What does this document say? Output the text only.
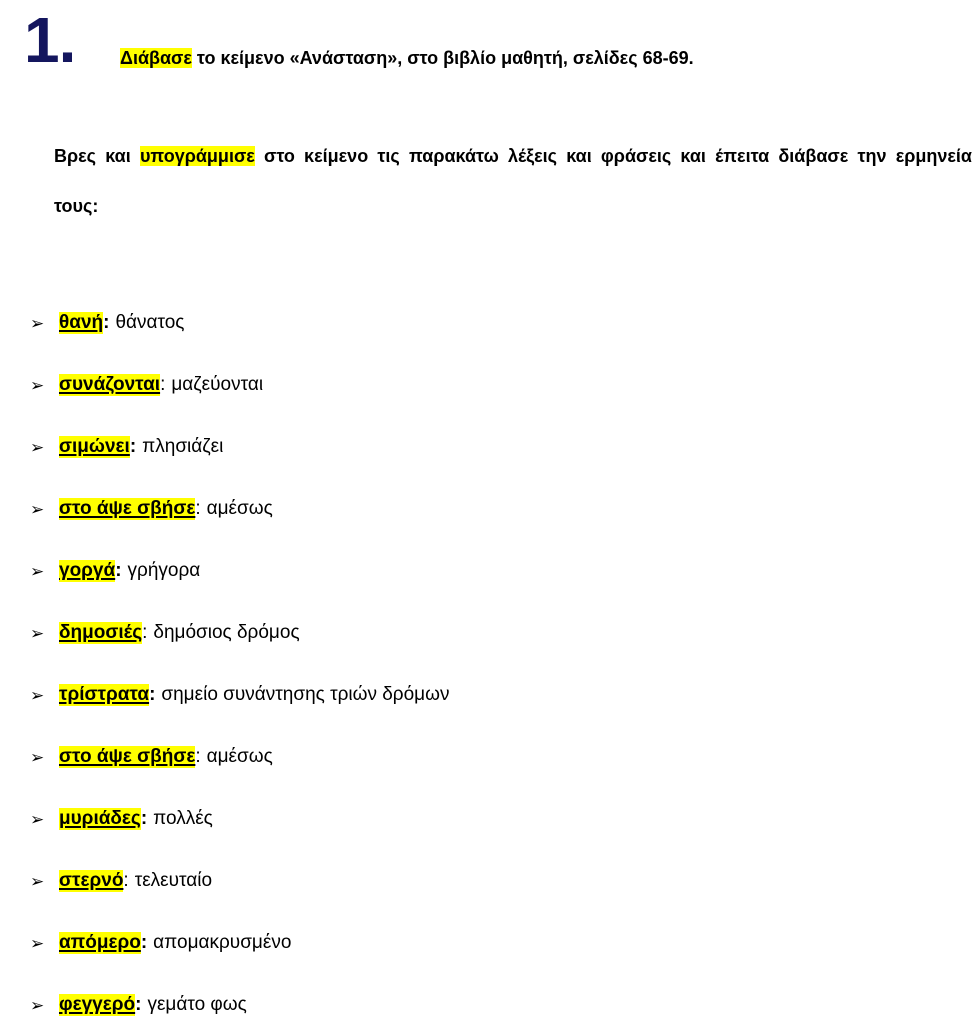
1. Διάβασε το κείμενο «Ανάσταση», στο βιβλίο μαθητή, σελίδες 68-69.
Βρες και υπογράμμισε στο κείμενο τις παρακάτω λέξεις και φράσεις και έπειτα διάβασε την ερμηνεία τους:
➢ θανή : θάνατος
➢ συνάζονται : μαζεύονται
➢ σιμώνει : πλησιάζει
➢ στο άψε σβήσε : αμέσως
➢ γοργά : γρήγορα
➢ δημοσιές : δημόσιος δρόμος
➢ τρίστρατα : σημείο συνάντησης τριών δρόμων
➢ στο άψε σβήσε : αμέσως
➢ μυριάδες : πολλές
➢ στερνό : τελευταίο
➢ απόμερο : απομακρυσμένο
➢ φεγγερό : γεμάτο φως
